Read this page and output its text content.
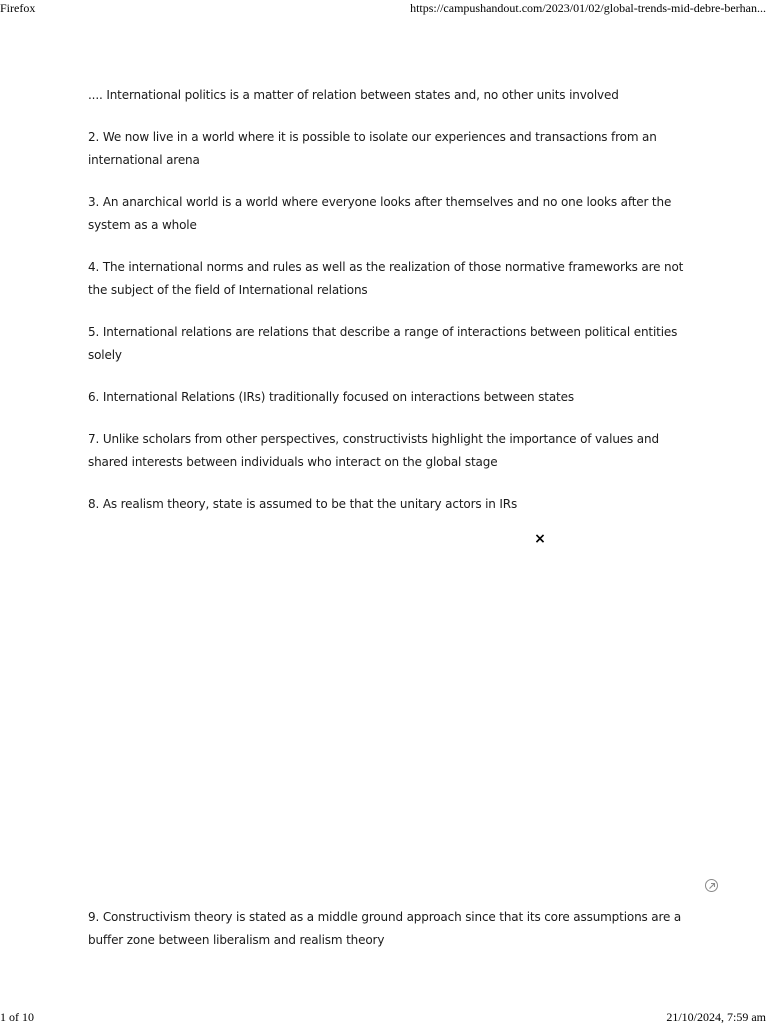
Firefox	https://campushandout.com/2023/01/02/global-trends-mid-debre-berhan...

.... International politics is a matter of relation between states and, no other units involved

2. We now live in a world where it is possible to isolate our experiences and transactions from an international arena

3. An anarchical world is a world where everyone looks after themselves and no one looks after the system as a whole

4. The international norms and rules as well as the realization of those normative frameworks are not the subject of the field of International relations

5. International relations are relations that describe a range of interactions between political entities solely

6. International Relations (IRs) traditionally focused on interactions between states

7. Unlike scholars from other perspectives, constructivists highlight the importance of values and shared interests between individuals who interact on the global stage

8. As realism theory, state is assumed to be that the unitary actors in IRs

×

9. Constructivism theory is stated as a middle ground approach since that its core assumptions are a buffer zone between liberalism and realism theory

1 of 10	21/10/2024, 7:59 am
